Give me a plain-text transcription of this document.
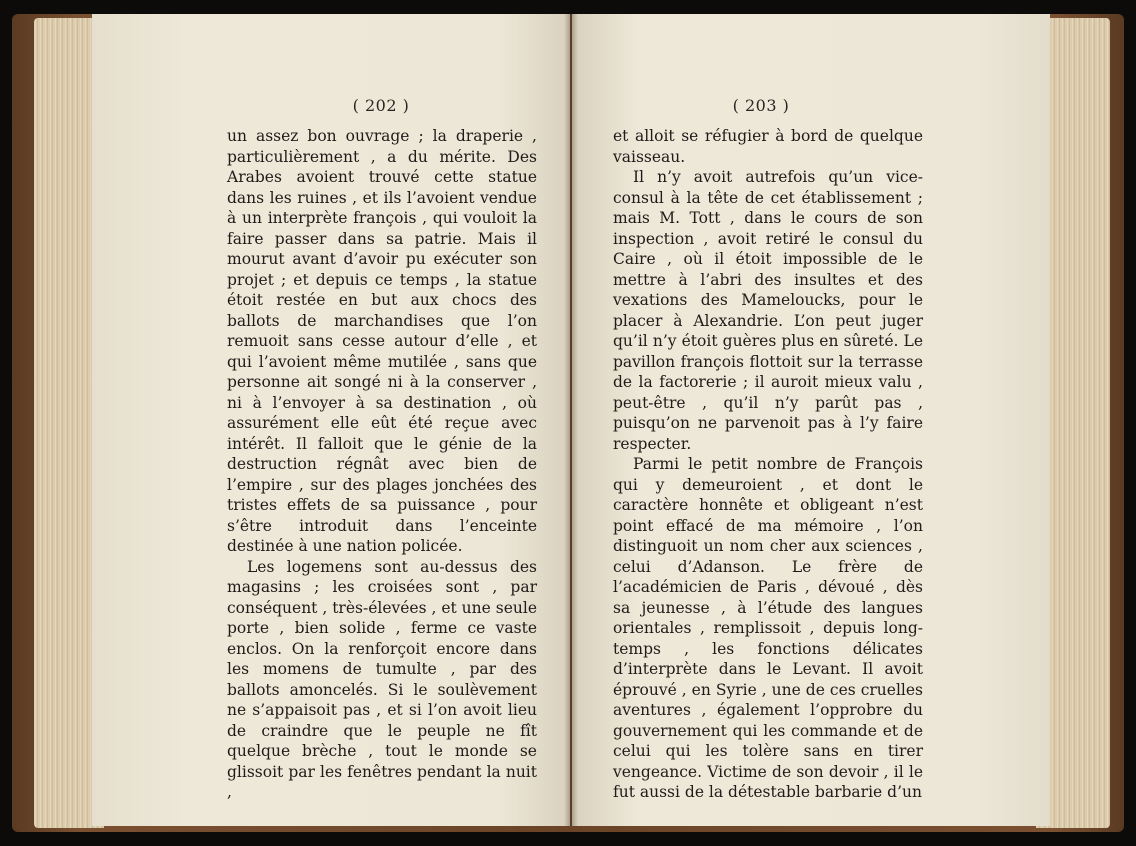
( 202 )

un assez bon ouvrage ; la draperie , particulièrement , a du mérite. Des Arabes avoient trouvé cette statue dans les ruines , et ils l’avoient vendue à un interprète françois , qui vouloit la faire passer dans sa patrie. Mais il mourut avant d’avoir pu exécuter son projet ; et depuis ce temps , la statue étoit restée en but aux chocs des ballots de marchandises que l’on remuoit sans cesse autour d’elle , et qui l’avoient même mutilée , sans que personne ait songé ni à la conserver , ni à l’envoyer à sa destination , où assurément elle eût été reçue avec intérêt. Il falloit que le génie de la destruction régnât avec bien de l’empire , sur des plages jonchées des tristes effets de sa puissance , pour s’être introduit dans l’enceinte destinée à une nation policée.

Les logemens sont au-dessus des magasins ; les croisées sont , par conséquent , très-élevées , et une seule porte , bien solide , ferme ce vaste enclos. On la renforçoit encore dans les momens de tumulte , par des ballots amoncelés. Si le soulèvement ne s’appaisoit pas , et si l’on avoit lieu de craindre que le peuple ne fît quelque brèche , tout le monde se glissoit par les fenêtres pendant la nuit ,

( 203 )

et alloit se réfugier à bord de quelque vaisseau.

Il n’y avoit autrefois qu’un vice-consul à la tête de cet établissement ; mais M. Tott , dans le cours de son inspection , avoit retiré le consul du Caire , où il étoit impossible de le mettre à l’abri des insultes et des vexations des Mameloucks, pour le placer à Alexandrie. L’on peut juger qu’il n’y étoit guères plus en sûreté. Le pavillon françois flottoit sur la terrasse de la factorerie ; il auroit mieux valu , peut-être , qu’il n’y parût pas , puisqu’on ne parvenoit pas à l’y faire respecter.

Parmi le petit nombre de François qui y demeuroient , et dont le caractère honnête et obligeant n’est point effacé de ma mémoire , l’on distinguoit un nom cher aux sciences , celui d’Adanson. Le frère de l’académicien de Paris , dévoué , dès sa jeunesse , à l’étude des langues orientales , remplissoit , depuis long-temps , les fonctions délicates d’interprète dans le Levant. Il avoit éprouvé , en Syrie , une de ces cruelles aventures , également l’opprobre du gouvernement qui les commande et de celui qui les tolère sans en tirer vengeance. Victime de son devoir , il le fut aussi de la détestable barbarie d’un
